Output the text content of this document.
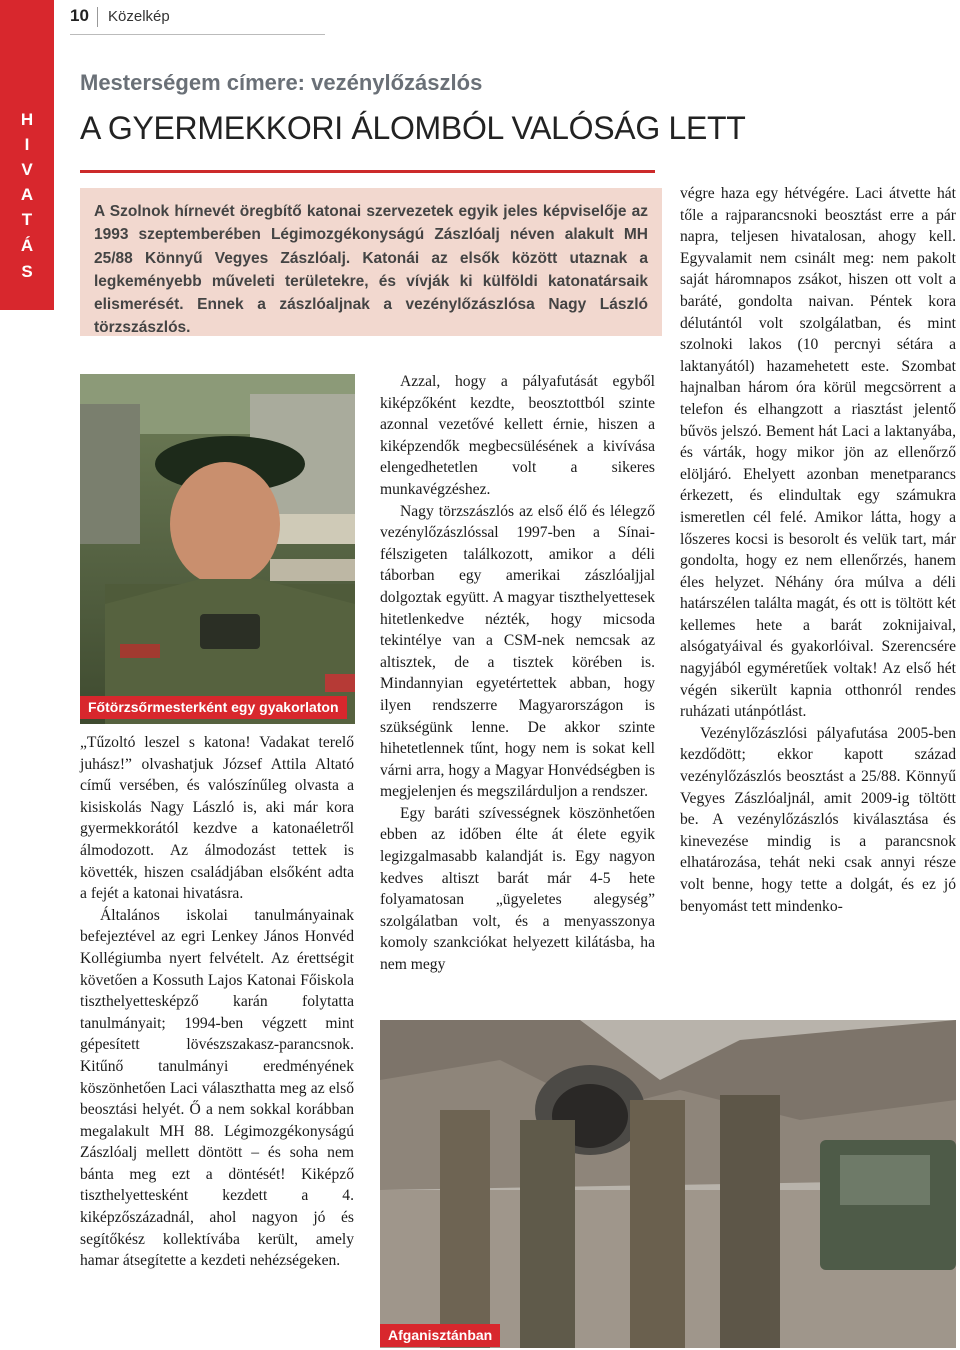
10 Közelkép
H
I
V
A
T
Á
S
Mesterségem címere: vezénylőzászlós
A GYERMEKKORI ÁLOMBÓL VALÓSÁG LETT
A Szolnok hírnevét öregbítő katonai szervezetek egyik jeles képviselője az 1993 szeptemberében Légimozgékonyságú Zászlóalj néven alakult MH 25/88 Könnyű Vegyes Zászlóalj. Katonái az elsők között utaznak a legkeményebb műveleti területekre, és vívják ki külföldi katonatársaik elismerését. Ennek a zászlóaljnak a vezénylőzászlósa Nagy László törzszászlós.
Főtörzsőrmesterként egy gyakorlaton
Afganisztánban

„Tűzoltó leszel s katona! Vadakat terelő juhász!” olvashatjuk József Attila Altató című versében, és valószínűleg olvasta a kisiskolás Nagy László is, aki már kora gyermekkorától kezdve a katonaéletről álmodozott. Az álmodozást tettek is követték, hiszen családjában elsőként adta a fejét a katonai hivatásra.

Általános iskolai tanulmányainak befejeztével az egri Lenkey János Honvéd Kollégiumba nyert felvételt. Az érettségit követően a Kossuth Lajos Katonai Főiskola tiszthelyettesképző karán folytatta tanulmányait; 1994-ben végzett mint gépesített lövészszakasz-parancsnok. Kitűnő tanulmányi eredményének köszönhetően Laci választhatta meg az első beosztási helyét. Ő a nem sokkal korábban megalakult MH 88. Légimozgékonyságú Zászlóalj mellett döntött – és soha nem bánta meg ezt a döntését! Kiképző tiszthelyettesként kezdett a 4. kiképzőszázadnál, ahol nagyon jó és segítőkész kollektívába került, amely hamar átsegítette a kezdeti nehézségeken.

Azzal, hogy a pályafutását egyből kiképzőként kezdte, beosztottból szinte azonnal vezetővé kellett érnie, hiszen a kiképzendők megbecsülésének a kivívása elengedhetetlen volt a sikeres munkavégzéshez.

Nagy törzszászlós az első élő és lélegző vezénylőzászlóssal 1997-ben a Sínai-félszigeten találkozott, amikor a déli táborban egy amerikai zászlóaljjal dolgoztak együtt. A magyar tiszthelyettesek hitetlenkedve nézték, hogy micsoda tekintélye van a CSM-nek nemcsak az altisztek, de a tisztek körében is. Mindannyian egyetértettek abban, hogy ilyen rendszerre Magyarországon is szükségünk lenne. De akkor szinte hihetetlennek tűnt, hogy nem is sokat kell várni arra, hogy a Magyar Honvédségben is megjelenjen és megszilárduljon a rendszer.

Egy baráti szívességnek köszönhetően ebben az időben élte át élete egyik legizgalmasabb kalandját is. Egy nagyon kedves altiszt barát már 4-5 hete folyamatosan „ügyeletes alegység” szolgálatban volt, és a menyasszonya komoly szankciókat helyezett kilátásba, ha nem megy

végre haza egy hétvégére. Laci átvette hát tőle a rajparancsnoki beosztást erre a pár napra, teljesen hivatalosan, ahogy kell. Egyvalamit nem csinált meg: nem pakolt saját háromnapos zsákot, hiszen ott volt a baráté, gondolta naivan. Péntek kora délutántól volt szolgálatban, és mint szolnoki lakos (10 percnyi sétára a laktanyától) hazamehetett este. Szombat hajnalban három óra körül megcsörrent a telefon és elhangzott a riasztást jelentő bűvös jelszó. Bement hát Laci a laktanyába, és várták, hogy mikor jön az ellenőrző elöljáró. Ehelyett azonban menetparancs érkezett, és elindultak egy számukra ismeretlen cél felé. Amikor látta, hogy a lőszeres kocsi is besorolt és velük tart, már gondolta, hogy ez nem ellenőrzés, hanem éles helyzet. Néhány óra múlva a déli határszélen találta magát, és ott is töltött két kellemes hete a barát zoknijaival, alsógatyáival és gyakorlóival. Szerencsére nagyjából egyméretűek voltak! Az első hét végén sikerült kapnia otthonról rendes ruházati utánpótlást.

Vezénylőzászlósi pályafutása 2005-ben kezdődött; ekkor kapott század vezénylőzászlós beosztást a 25/88. Könnyű Vegyes Zászlóaljnál, amit 2009-ig töltött be. A vezénylőzászlós kiválasztása és kinevezése mindig is a parancsnok elhatározása, tehát neki csak annyi része volt benne, hogy tette a dolgát, és ez jó benyomást tett mindenko-
